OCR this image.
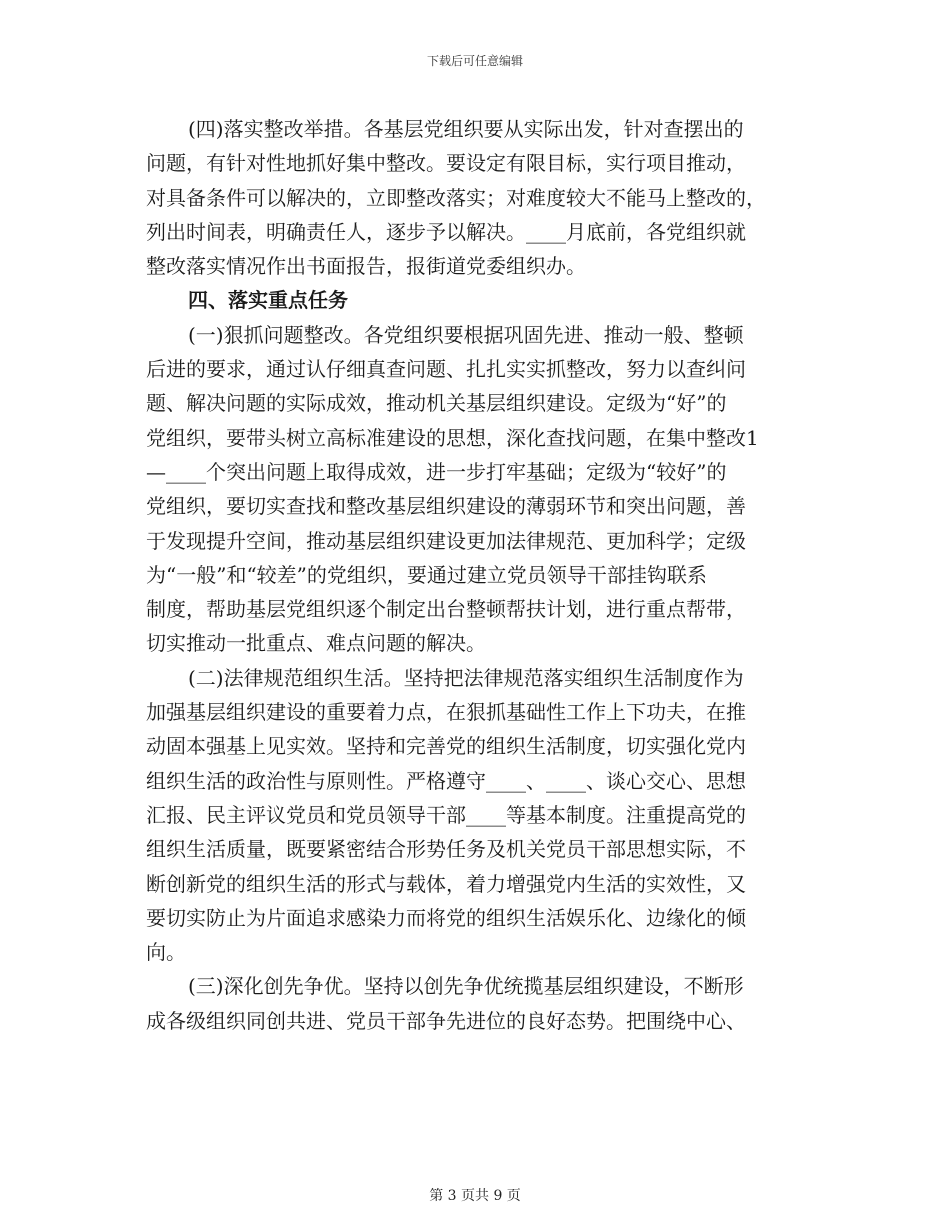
下载后可任意编辑
(四)落实整改举措。各基层党组织要从实际出发，针对查摆出的
问题，有针对性地抓好集中整改。要设定有限目标，实行项目推动，
对具备条件可以解决的，立即整改落实；对难度较大不能马上整改的，
列出时间表，明确责任人，逐步予以解决。____月底前，各党组织就
整改落实情况作出书面报告，报街道党委组织办。
四、落实重点任务
(一)狠抓问题整改。各党组织要根据巩固先进、推动一般、整顿
后进的要求，通过认仔细真查问题、扎扎实实抓整改，努力以查纠问
题、解决问题的实际成效，推动机关基层组织建设。定级为“好”的
党组织，要带头树立高标准建设的思想，深化查找问题，在集中整改1
—____个突出问题上取得成效，进一步打牢基础；定级为“较好”的
党组织，要切实查找和整改基层组织建设的薄弱环节和突出问题，善
于发现提升空间，推动基层组织建设更加法律规范、更加科学；定级
为“一般”和“较差”的党组织，要通过建立党员领导干部挂钩联系
制度，帮助基层党组织逐个制定出台整顿帮扶计划，进行重点帮带，
切实推动一批重点、难点问题的解决。
(二)法律规范组织生活。坚持把法律规范落实组织生活制度作为
加强基层组织建设的重要着力点，在狠抓基础性工作上下功夫，在推
动固本强基上见实效。坚持和完善党的组织生活制度，切实强化党内
组织生活的政治性与原则性。严格遵守____、____、谈心交心、思想
汇报、民主评议党员和党员领导干部____等基本制度。注重提高党的
组织生活质量，既要紧密结合形势任务及机关党员干部思想实际，不
断创新党的组织生活的形式与载体，着力增强党内生活的实效性，又
要切实防止为片面追求感染力而将党的组织生活娱乐化、边缘化的倾
向。
(三)深化创先争优。坚持以创先争优统揽基层组织建设，不断形
成各级组织同创共进、党员干部争先进位的良好态势。把围绕中心、
第 3 页共 9 页
